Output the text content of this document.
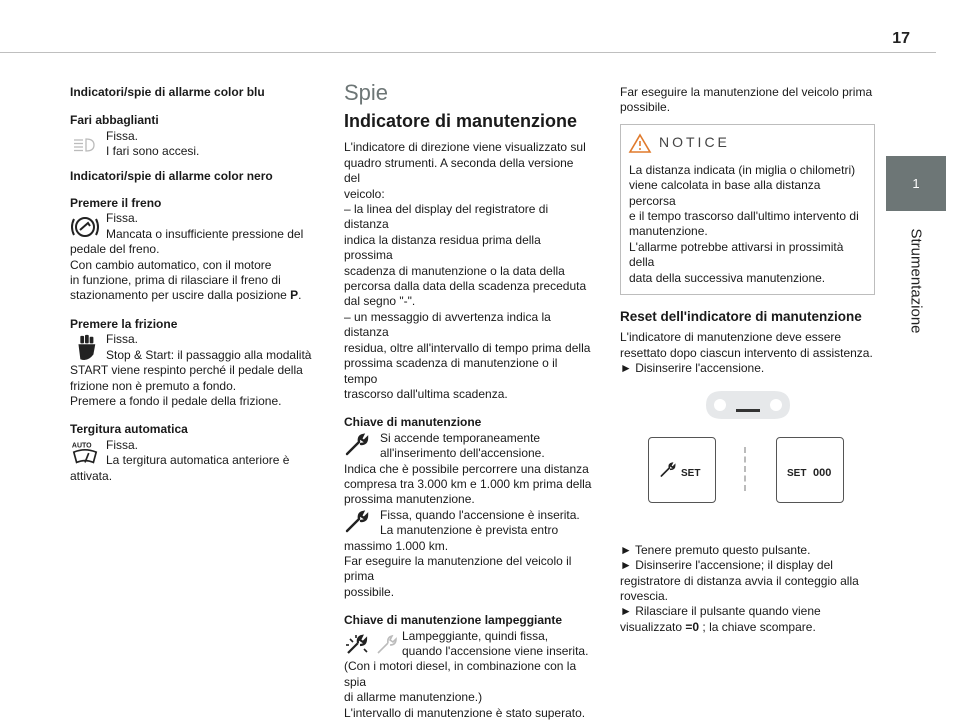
17
1
Strumentazione
Indicatori/spie di allarme color blu
Fari abbaglianti
Fissa.
I fari sono accesi.
Indicatori/spie di allarme color nero
Premere il freno
Fissa.
Mancata o insufficiente pressione del
pedale del freno.
Con cambio automatico, con il motore
in funzione, prima di rilasciare il freno di
stazionamento per uscire dalla posizione P.
Premere la frizione
Fissa.
Stop & Start: il passaggio alla modalità
START viene respinto perché il pedale della
frizione non è premuto a fondo.
Premere a fondo il pedale della frizione.
Tergitura automatica
AUTO Fissa.
La tergitura automatica anteriore è
attivata.
Spie
Indicatore di manutenzione
L'indicatore di direzione viene visualizzato sul
quadro strumenti. A seconda della versione del
veicolo:
– la linea del display del registratore di distanza
indica la distanza residua prima della prossima
scadenza di manutenzione o la data della
percorsa dalla data della scadenza preceduta
dal segno "-".
– un messaggio di avvertenza indica la distanza
residua, oltre all'intervallo di tempo prima della
prossima scadenza di manutenzione o il tempo
trascorso dall'ultima scadenza.
Chiave di manutenzione
Si accende temporaneamente
all'inserimento dell'accensione.
Indica che è possibile percorrere una distanza
compresa tra 3.000 km e 1.000 km prima della
prossima manutenzione.
Fissa, quando l'accensione è inserita.
La manutenzione è prevista entro
massimo 1.000 km.
Far eseguire la manutenzione del veicolo il prima
possibile.
Chiave di manutenzione lampeggiante
Lampeggiante, quindi fissa,
quando l'accensione viene inserita.
(Con i motori diesel, in combinazione con la spia
di allarme manutenzione.)
L'intervallo di manutenzione è stato superato.
Far eseguire la manutenzione del veicolo prima
possibile.
NOTICE
La distanza indicata (in miglia o chilometri)
viene calcolata in base alla distanza percorsa
e il tempo trascorso dall'ultimo intervento di
manutenzione.
L'allarme potrebbe attivarsi in prossimità della
data della successiva manutenzione.
Reset dell'indicatore di manutenzione
L'indicatore di manutenzione deve essere
resettato dopo ciascun intervento di assistenza.
► Disinserire l'accensione.
SET	SET 000
► Tenere premuto questo pulsante.
► Disinserire l'accensione; il display del
registratore di distanza avvia il conteggio alla
rovescia.
► Rilasciare il pulsante quando viene
visualizzato =0 ; la chiave scompare.
